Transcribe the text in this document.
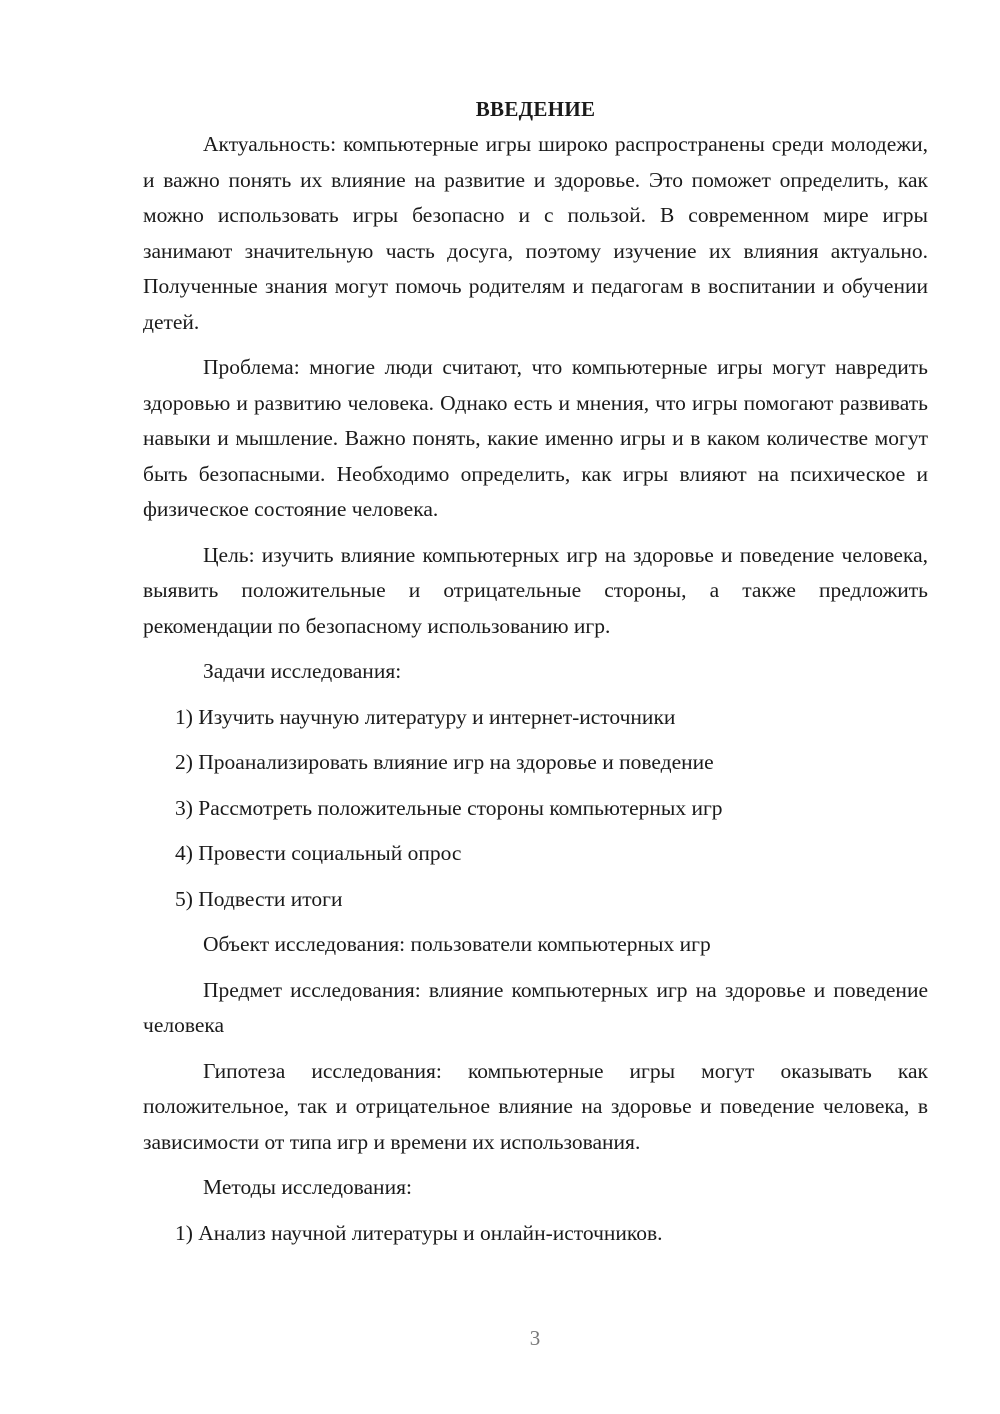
ВВЕДЕНИЕ

Актуальность: компьютерные игры широко распространены среди молодежи, и важно понять их влияние на развитие и здоровье. Это поможет определить, как можно использовать игры безопасно и с пользой. В современном мире игры занимают значительную часть досуга, поэтому изучение их влияния актуально. Полученные знания могут помочь родителям и педагогам в воспитании и обучении детей.

Проблема: многие люди считают, что компьютерные игры могут навредить здоровью и развитию человека. Однако есть и мнения, что игры помогают развивать навыки и мышление. Важно понять, какие именно игры и в каком количестве могут быть безопасными. Необходимо определить, как игры влияют на психическое и физическое состояние человека.

Цель: изучить влияние компьютерных игр на здоровье и поведение человека, выявить положительные и отрицательные стороны, а также предложить рекомендации по безопасному использованию игр.

Задачи исследования:

1) Изучить научную литературу и интернет-источники

2) Проанализировать влияние игр на здоровье и поведение

3) Рассмотреть положительные стороны компьютерных игр

4) Провести социальный опрос

5) Подвести итоги

Объект исследования: пользователи компьютерных игр

Предмет исследования: влияние компьютерных игр на здоровье и поведение человека

Гипотеза исследования: компьютерные игры могут оказывать как положительное, так и отрицательное влияние на здоровье и поведение человека, в зависимости от типа игр и времени их использования.

Методы исследования:

1) Анализ научной литературы и онлайн-источников.

3
